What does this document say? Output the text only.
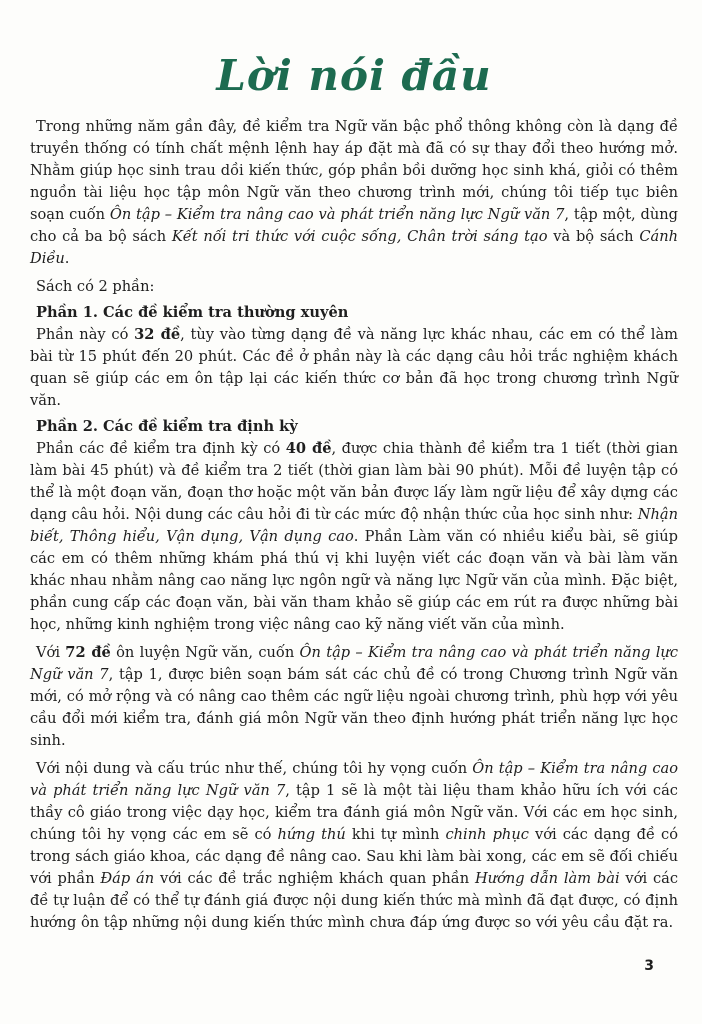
Lời nói đầu

Trong những năm gần đây, đề kiểm tra Ngữ văn bậc phổ thông không còn là dạng đề truyền thống có tính chất mệnh lệnh hay áp đặt mà đã có sự thay đổi theo hướng mở. Nhằm giúp học sinh trau dồi kiến thức, góp phần bồi dưỡng học sinh khá, giỏi có thêm nguồn tài liệu học tập môn Ngữ văn theo chương trình mới, chúng tôi tiếp tục biên soạn cuốn Ôn tập – Kiểm tra nâng cao và phát triển năng lực Ngữ văn 7, tập một, dùng cho cả ba bộ sách Kết nối tri thức với cuộc sống, Chân trời sáng tạo và bộ sách Cánh Diều.

Sách có 2 phần:

Phần 1. Các đề kiểm tra thường xuyên

Phần này có 32 đề, tùy vào từng dạng đề và năng lực khác nhau, các em có thể làm bài từ 15 phút đến 20 phút. Các đề ở phần này là các dạng câu hỏi trắc nghiệm khách quan sẽ giúp các em ôn tập lại các kiến thức cơ bản đã học trong chương trình Ngữ văn.

Phần 2. Các đề kiểm tra định kỳ

Phần các đề kiểm tra định kỳ có 40 đề, được chia thành đề kiểm tra 1 tiết (thời gian làm bài 45 phút) và đề kiểm tra 2 tiết (thời gian làm bài 90 phút). Mỗi đề luyện tập có thể là một đoạn văn, đoạn thơ hoặc một văn bản được lấy làm ngữ liệu để xây dựng các dạng câu hỏi. Nội dung các câu hỏi đi từ các mức độ nhận thức của học sinh như: Nhận biết, Thông hiểu, Vận dụng, Vận dụng cao. Phần Làm văn có nhiều kiểu bài, sẽ giúp các em có thêm những khám phá thú vị khi luyện viết các đoạn văn và bài làm văn khác nhau nhằm nâng cao năng lực ngôn ngữ và năng lực Ngữ văn của mình. Đặc biệt, phần cung cấp các đoạn văn, bài văn tham khảo sẽ giúp các em rút ra được những bài học, những kinh nghiệm trong việc nâng cao kỹ năng viết văn của mình.

Với 72 đề ôn luyện Ngữ văn, cuốn Ôn tập – Kiểm tra nâng cao và phát triển năng lực Ngữ văn 7, tập 1, được biên soạn bám sát các chủ đề có trong Chương trình Ngữ văn mới, có mở rộng và có nâng cao thêm các ngữ liệu ngoài chương trình, phù hợp với yêu cầu đổi mới kiểm tra, đánh giá môn Ngữ văn theo định hướng phát triển năng lực học sinh.

Với nội dung và cấu trúc như thế, chúng tôi hy vọng cuốn Ôn tập – Kiểm tra nâng cao và phát triển năng lực Ngữ văn 7, tập 1 sẽ là một tài liệu tham khảo hữu ích với các thầy cô giáo trong việc dạy học, kiểm tra đánh giá môn Ngữ văn. Với các em học sinh, chúng tôi hy vọng các em sẽ có hứng thú khi tự mình chinh phục với các dạng đề có trong sách giáo khoa, các dạng đề nâng cao. Sau khi làm bài xong, các em sẽ đối chiếu với phần Đáp án với các đề trắc nghiệm khách quan phần Hướng dẫn làm bài với các đề tự luận để có thể tự đánh giá được nội dung kiến thức mà mình đã đạt được, có định hướng ôn tập những nội dung kiến thức mình chưa đáp ứng được so với yêu cầu đặt ra.

3
